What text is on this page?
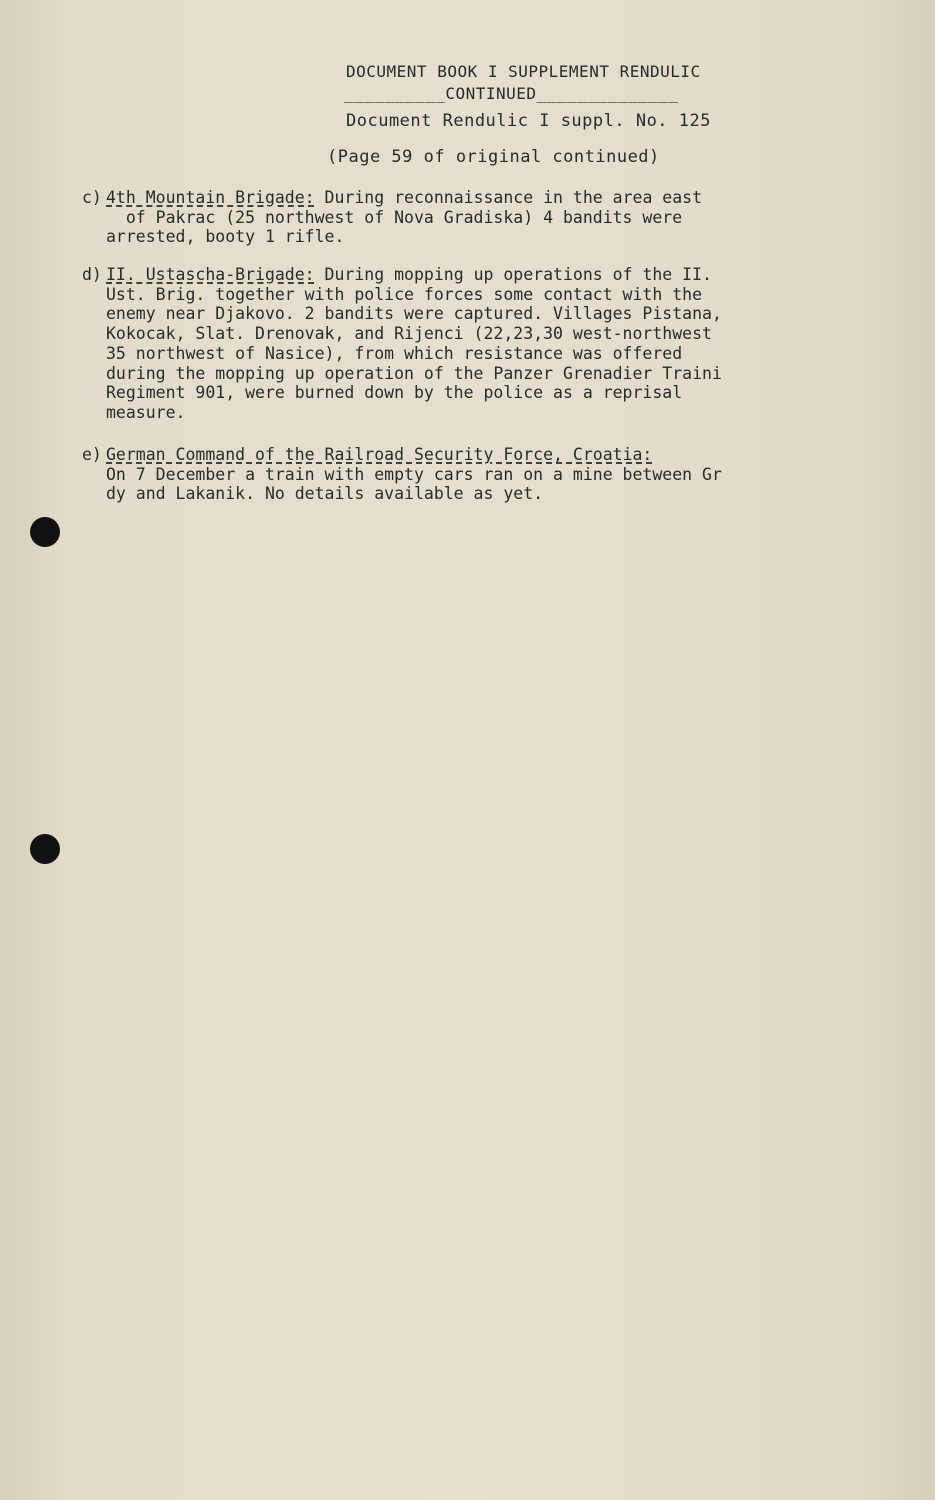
DOCUMENT BOOK I SUPPLEMENT RENDULIC
__________CONTINUED______________
Document Rendulic I suppl. No. 125
(Page 59 of original continued)
c) 4th Mountain Brigade: During reconnaissance in the area east
of Pakrac (25 northwest of Nova Gradiska) 4 bandits were
arrested, booty 1 rifle.
d) II. Ustascha-Brigade: During mopping up operations of the II.
Ust. Brig. together with police forces some contact with the
enemy near Djakovo. 2 bandits were captured. Villages Pistana,
Kokocak, Slat. Drenovak, and Rijenci (22,23,30 west-northwest
35 northwest of Nasice), from which resistance was offered
during the mopping up operation of the Panzer Grenadier Traini
Regiment 901, were burned down by the police as a reprisal
measure.
e) German Command of the Railroad Security Force, Croatia:
On 7 December a train with empty cars ran on a mine between Gr
dy and Lakanik. No details available as yet.
